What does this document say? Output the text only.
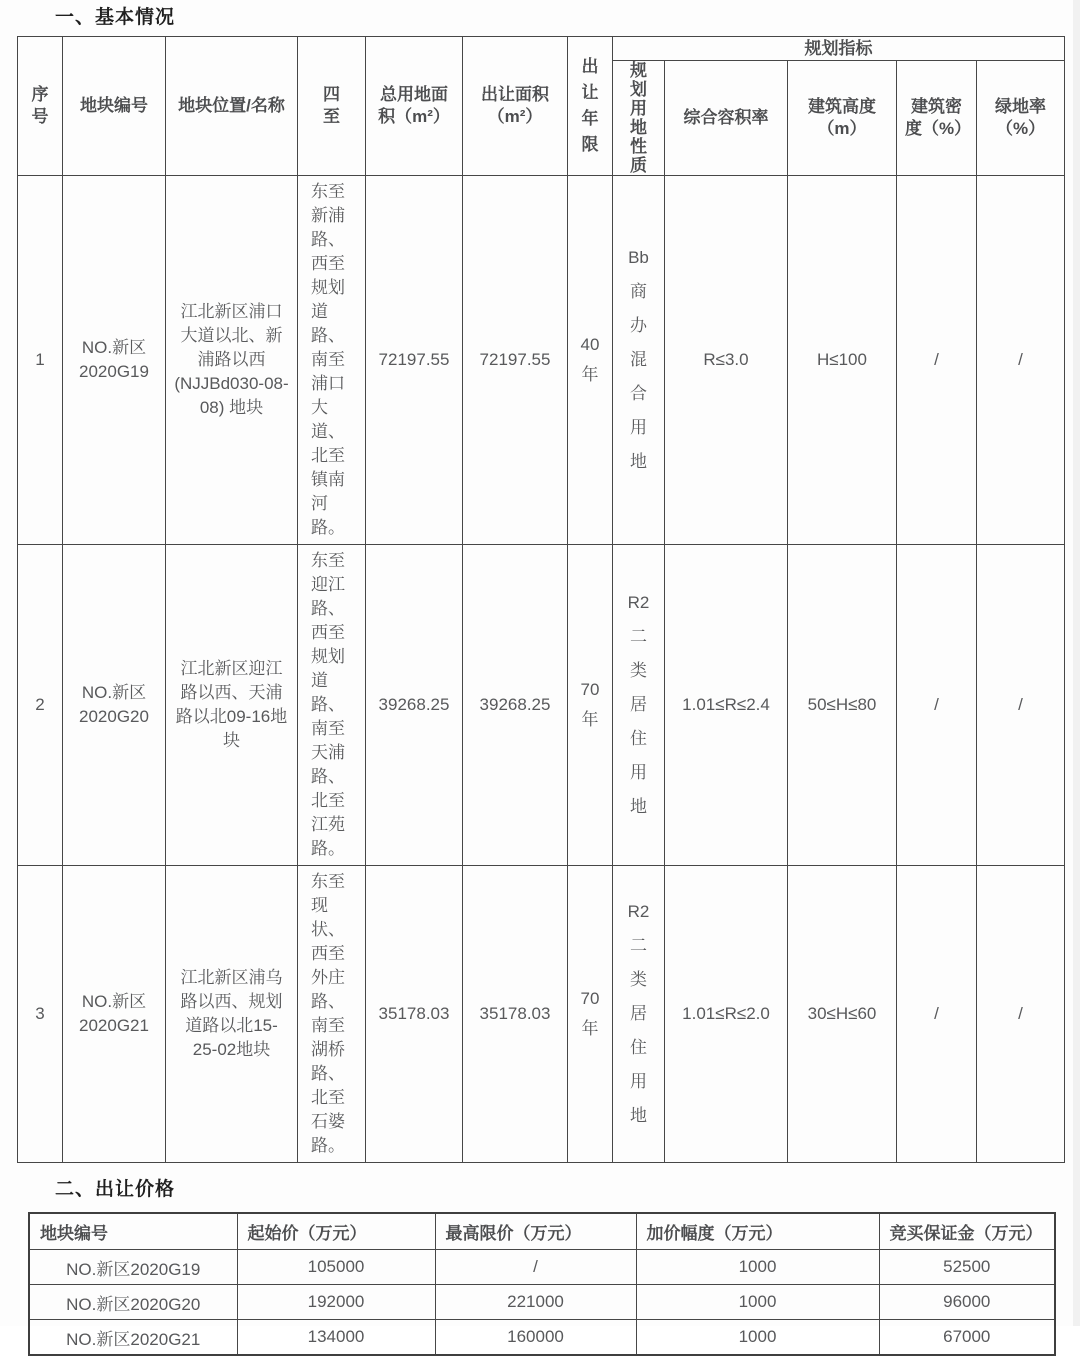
一、基本情况
序号	地块编号	地块位置/名称	四至	总用地面积（m²）	出让面积（m²）	出让年限	规划指标				
							规划用地性质	综合容积率	建筑高度（m）	建筑密度（%）	绿地率（%）
1	NO.新区2020G19	江北新区浦口大道以北、新浦路以西(NJJBd030-08-08) 地块	东至新浦路、西至规划道路、南至浦口大道、北至镇南河路。	72197.55	72197.55	40年	Bb商办混合用地	R≤3.0	H≤100	/	/
2	NO.新区2020G20	江北新区迎江路以西、天浦路以北09-16地块	东至迎江路、西至规划道路、南至天浦路、北至江苑路。	39268.25	39268.25	70年	R2二类居住用地	1.01≤R≤2.4	50≤H≤80	/	/
3	NO.新区2020G21	江北新区浦乌路以西、规划道路以北15-25-02地块	东至现状、西至外庄路、南至湖桥路、北至石婆路。	35178.03	35178.03	70年	R2二类居住用地	1.01≤R≤2.0	30≤H≤60	/	/
二、出让价格
地块编号	起始价（万元）	最高限价（万元）	加价幅度（万元）	竞买保证金（万元）
NO.新区2020G19	105000	/	1000	52500
NO.新区2020G20	192000	221000	1000	96000
NO.新区2020G21	134000	160000	1000	67000
